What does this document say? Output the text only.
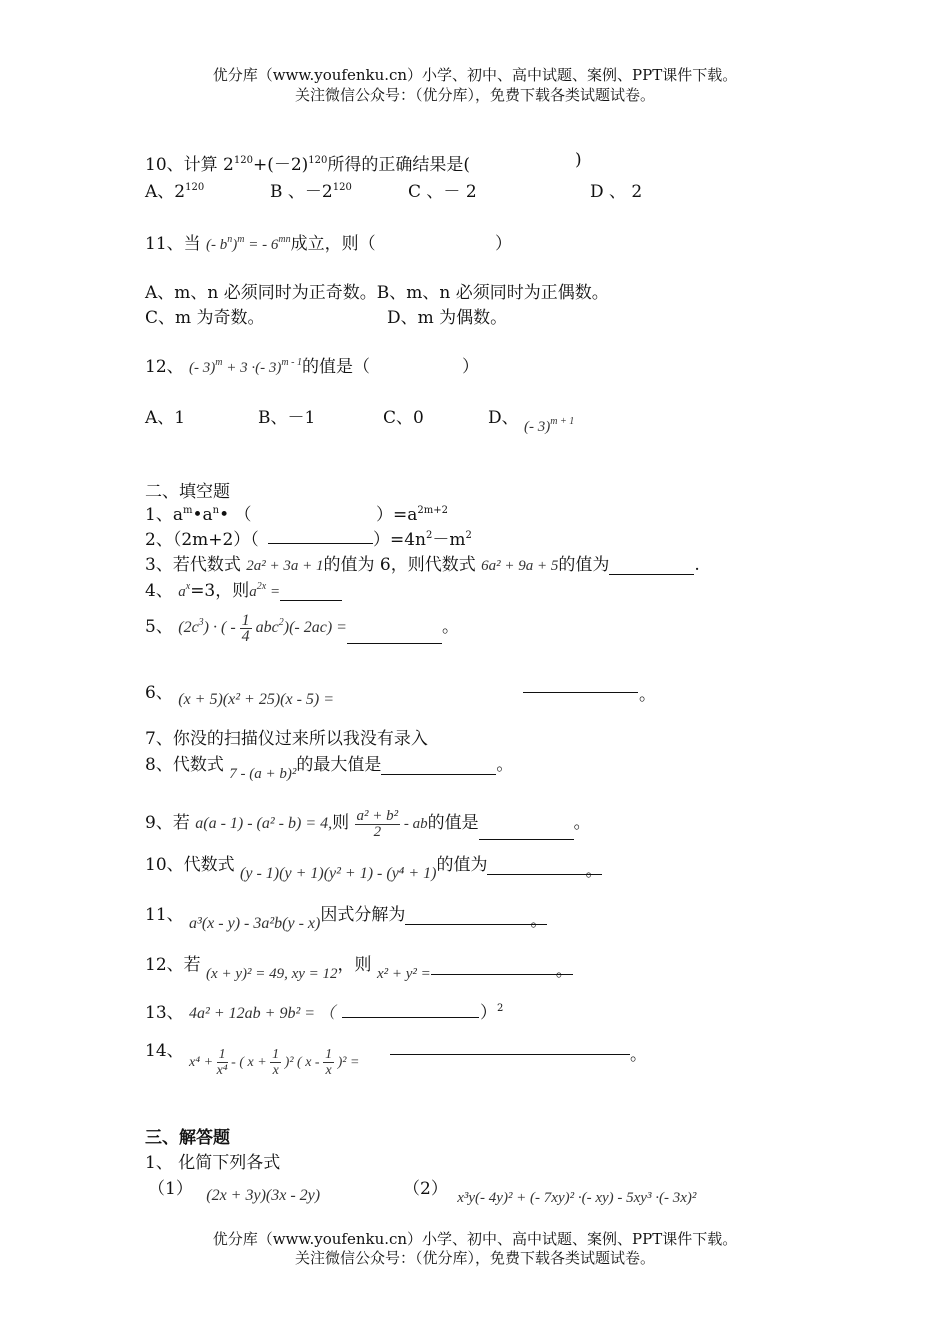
优分库（www.youfenku.cn）小学、初中、高中试题、案例、PPT课件下载。
关注微信公众号：（优分库），免费下载各类试题试卷。
10、计算 $2^{120}+(-2)^{120}$所得的正确结果是(	)
A、$2^{120}$	B 、$-2^{120}$	C 、－ 2	D 、 2
11、当 (- $b^n)^m$ = - $6^{mn}$成立，则（	）
A、m、n 必须同时为正奇数。B、m、n 必须同时为正偶数。
C、m 为奇数。	D、m 为偶数。
12、 (- 3)$^m$ + 3 ·(- 3)$^{m - 1}$的值是（	）
A、1	B、－1	C、0	D、 (- 3)$^{m + 1}$
二、填空题
1、$a^m•a^n•$ （	）$=a^{2m+2}$
2、（2m+2）（	）$=4n^2-m^2$
3、若代数式 2a² + 3a + 1的值为 6，则代数式 6a² + 9a + 5的值为	.
4、 $a^x=3$，则$a^{2x}$ =
5、 $(2c^3)$ · ( - $\frac{1}{4} abc^2)(-$ 2ac) =	。
6、 (x + 5)(x² + 25)(x - 5) =	。
7、你没的扫描仪过来所以我没有录入
8、代数式 7 - (a + b)²的最大值是	。
9、若 a(a - 1) - (a² - b) = 4,则 $\frac{\text{a² + b²}}{2}$ - ab的值是	。
10、代数式 (y - 1)(y + 1)(y² + 1) - (y⁴ + 1)的值为	。
11、 a³(x - y) - 3a²b(y - x)因式分解为	。
12、若 (x + y)² = 49, xy = 12，则 x² + y² =	。
13、 4a² + 12ab + 9b² = （	）$^2$
14、 $_{x^4 + \frac{1}{\text{x⁴}} - ( x + \frac{1}{x} )^2 ( x - \frac{1}{x} )^2 =}$	。
三、解答题
1、 化简下列各式
（1） (2x + 3y)(3x - 2y)	（2） x³y(- 4y)² + (- 7xy)² ·(- xy) - 5xy³ ·(- 3x)²
优分库（www.youfenku.cn）小学、初中、高中试题、案例、PPT课件下载。
关注微信公众号：（优分库），免费下载各类试题试卷。
